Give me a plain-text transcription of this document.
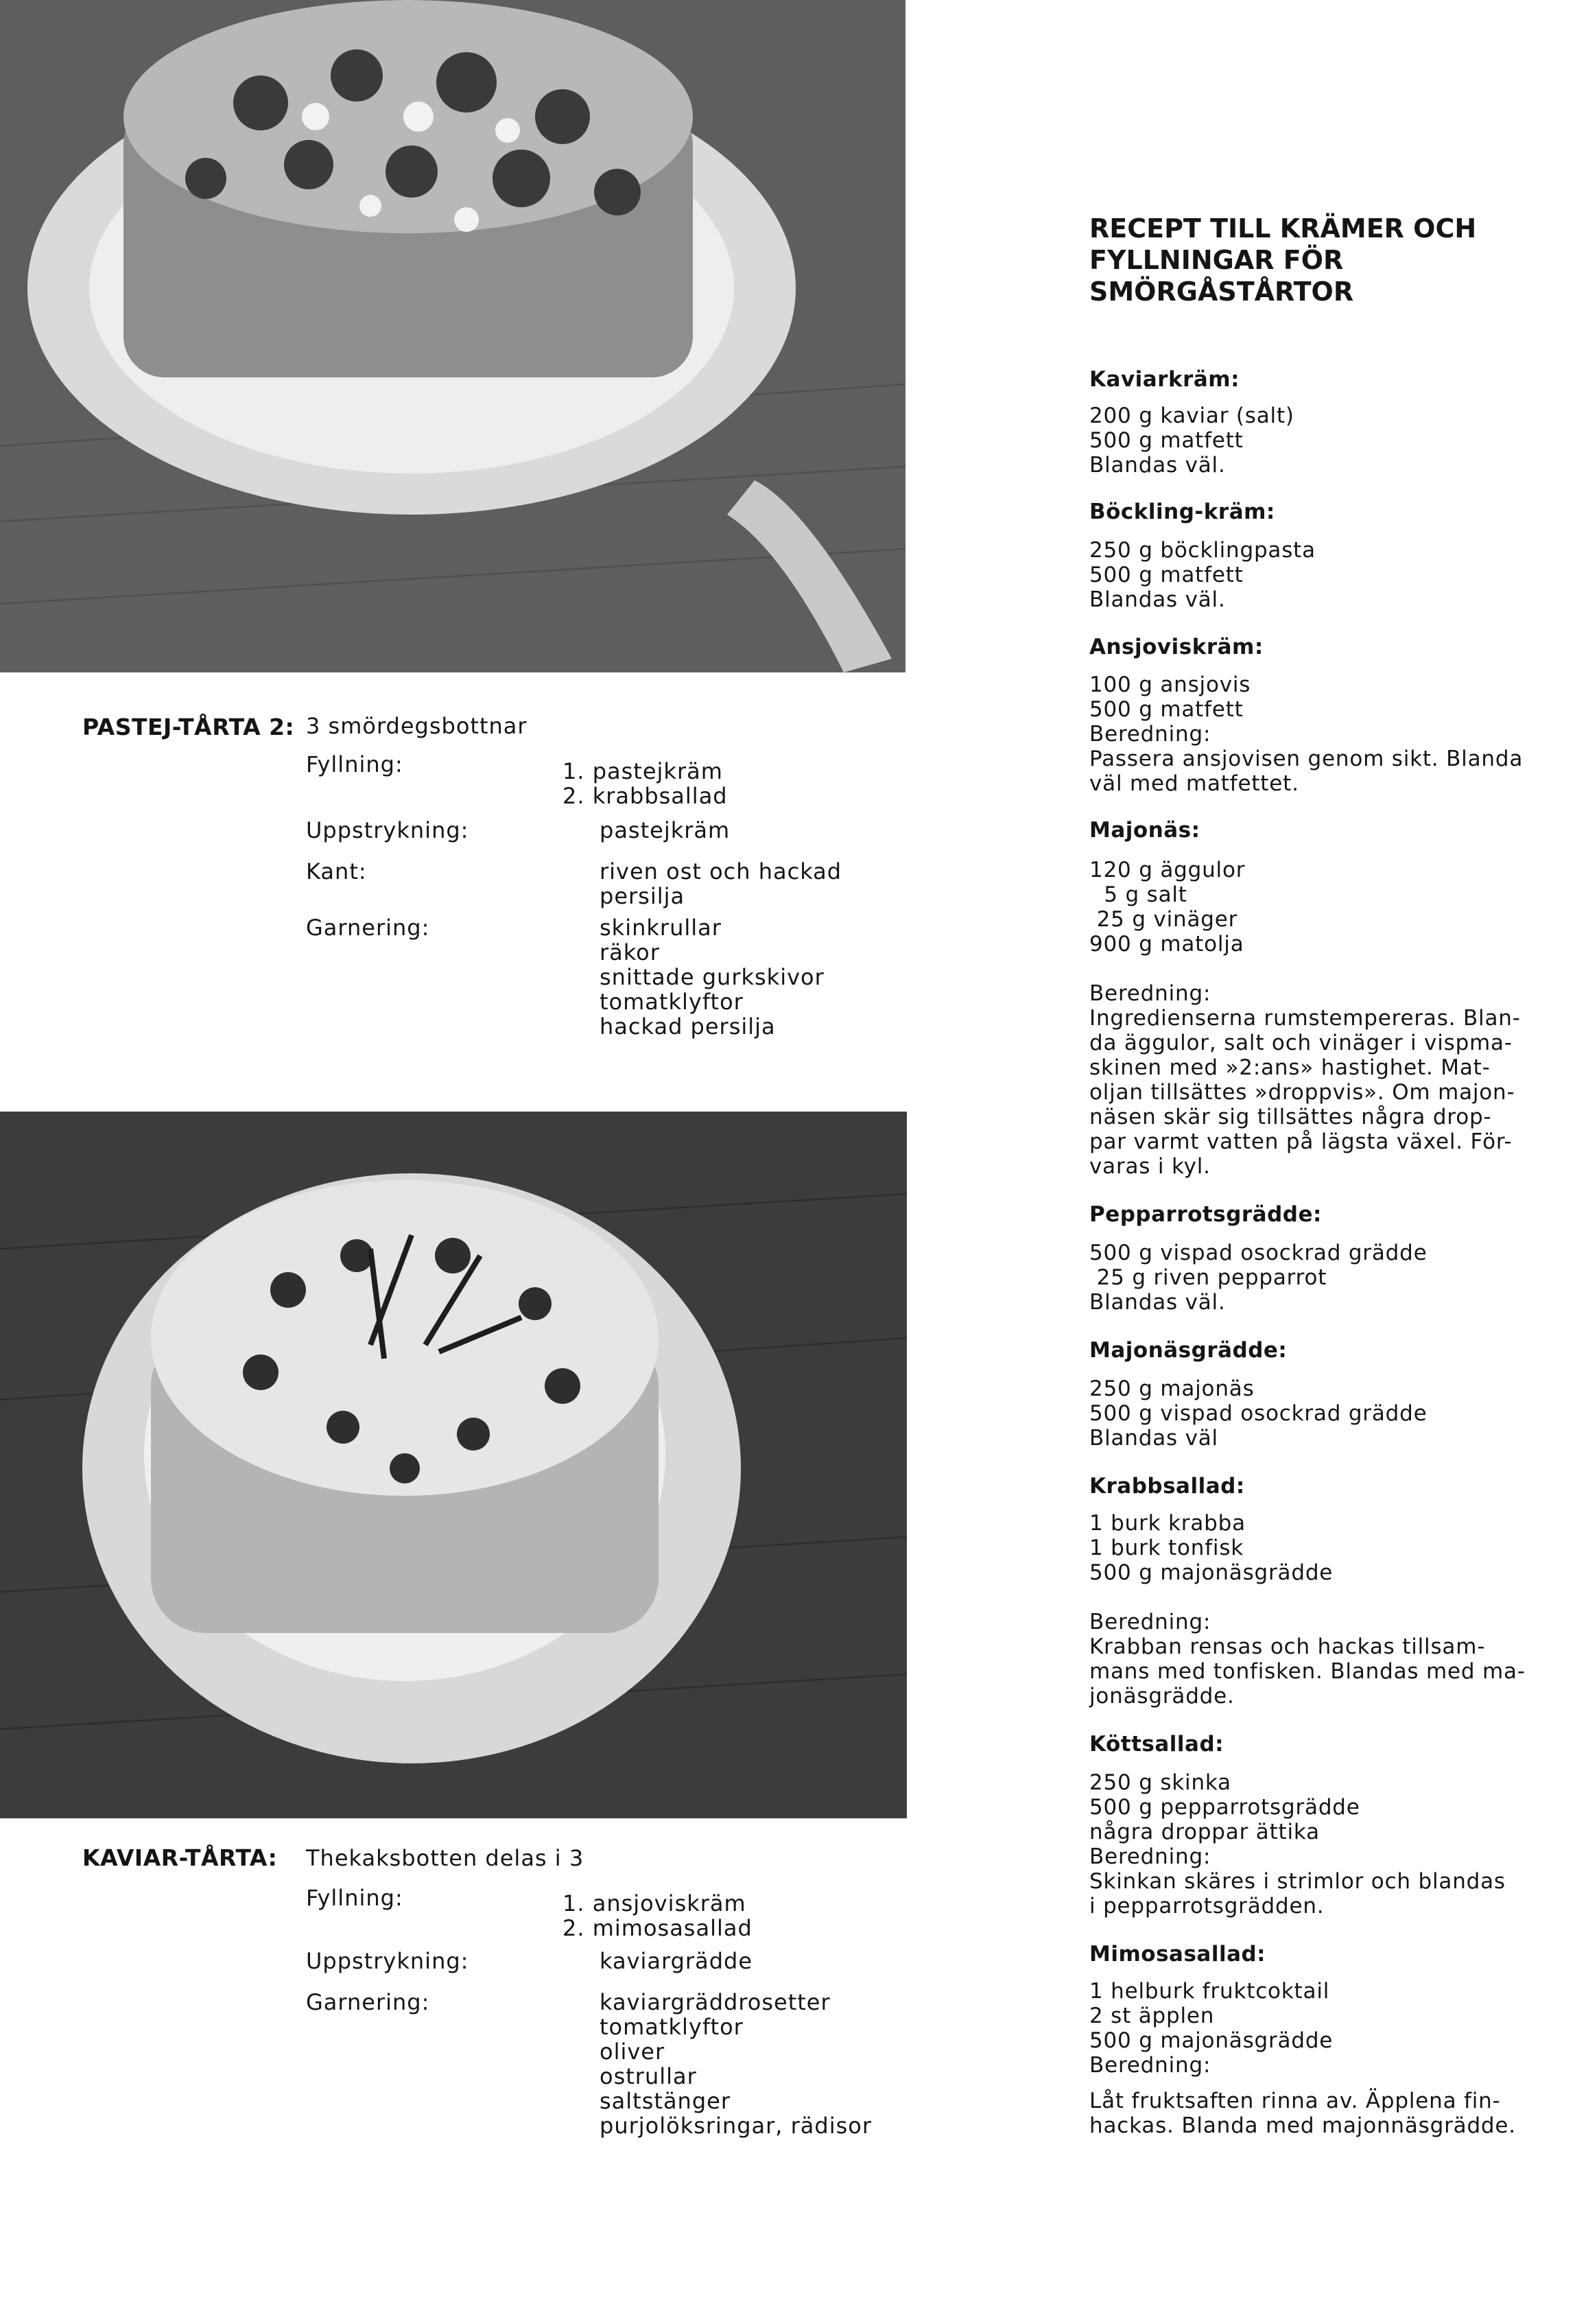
RECEPT TILL KRÄMER OCH
FYLLNINGAR FÖR
SMÖRGÅSTÅRTOR
Kaviarkräm:
200 g kaviar (salt)
500 g matfett
Blandas väl.
Böckling-kräm:
250 g böcklingpasta
500 g matfett
Blandas väl.
Ansjoviskräm:
100 g ansjovis
500 g matfett
Beredning:
Passera ansjovisen genom sikt. Blanda
väl med matfettet.
Majonäs:
120 g äggulor
5 g salt
25 g vinäger
900 g matolja
Beredning:
Ingredienserna rumstempereras. Blan-
da äggulor, salt och vinäger i vispma-
skinen med »2:ans» hastighet. Mat-
oljan tillsättes »droppvis». Om majon-
näsen skär sig tillsättes några drop-
par varmt vatten på lägsta växel. För-
varas i kyl.
Pepparrotsgrädde:
500 g vispad osockrad grädde
25 g riven pepparrot
Blandas väl.
Majonäsgrädde:
250 g majonäs
500 g vispad osockrad grädde
Blandas väl
Krabbsallad:
1 burk krabba
1 burk tonfisk
500 g majonäsgrädde
Beredning:
Krabban rensas och hackas tillsam-
mans med tonfisken. Blandas med ma-
jonäsgrädde.
Köttsallad:
250 g skinka
500 g pepparrotsgrädde
några droppar ättika
Beredning:
Skinkan skäres i strimlor och blandas
i pepparrotsgrädden.
Mimosasallad:
1 helburk fruktcoktail
2 st äpplen
500 g majonäsgrädde
Beredning:
Låt fruktsaften rinna av. Äpplena fin-
hackas. Blanda med majonnäsgrädde.
PASTEJ-TÅRTA 2: 3 smördegsbottnar
Fyllning:	1. pastejkräm
2. krabbsallad
Uppstrykning:	pastejkräm
Kant:	riven ost och hackad
persilja
Garnering:	skinkrullar
räkor
snittade gurkskivor
tomatklyftor
hackad persilja
KAVIAR-TÅRTA: Thekaksbotten delas i 3
Fyllning:	1. ansjoviskräm
2. mimosasallad
Uppstrykning:	kaviargrädde
Garnering:	kaviargräddrosetter
tomatklyftor
oliver
ostrullar
saltstänger
purjolöksringar, rädisor
